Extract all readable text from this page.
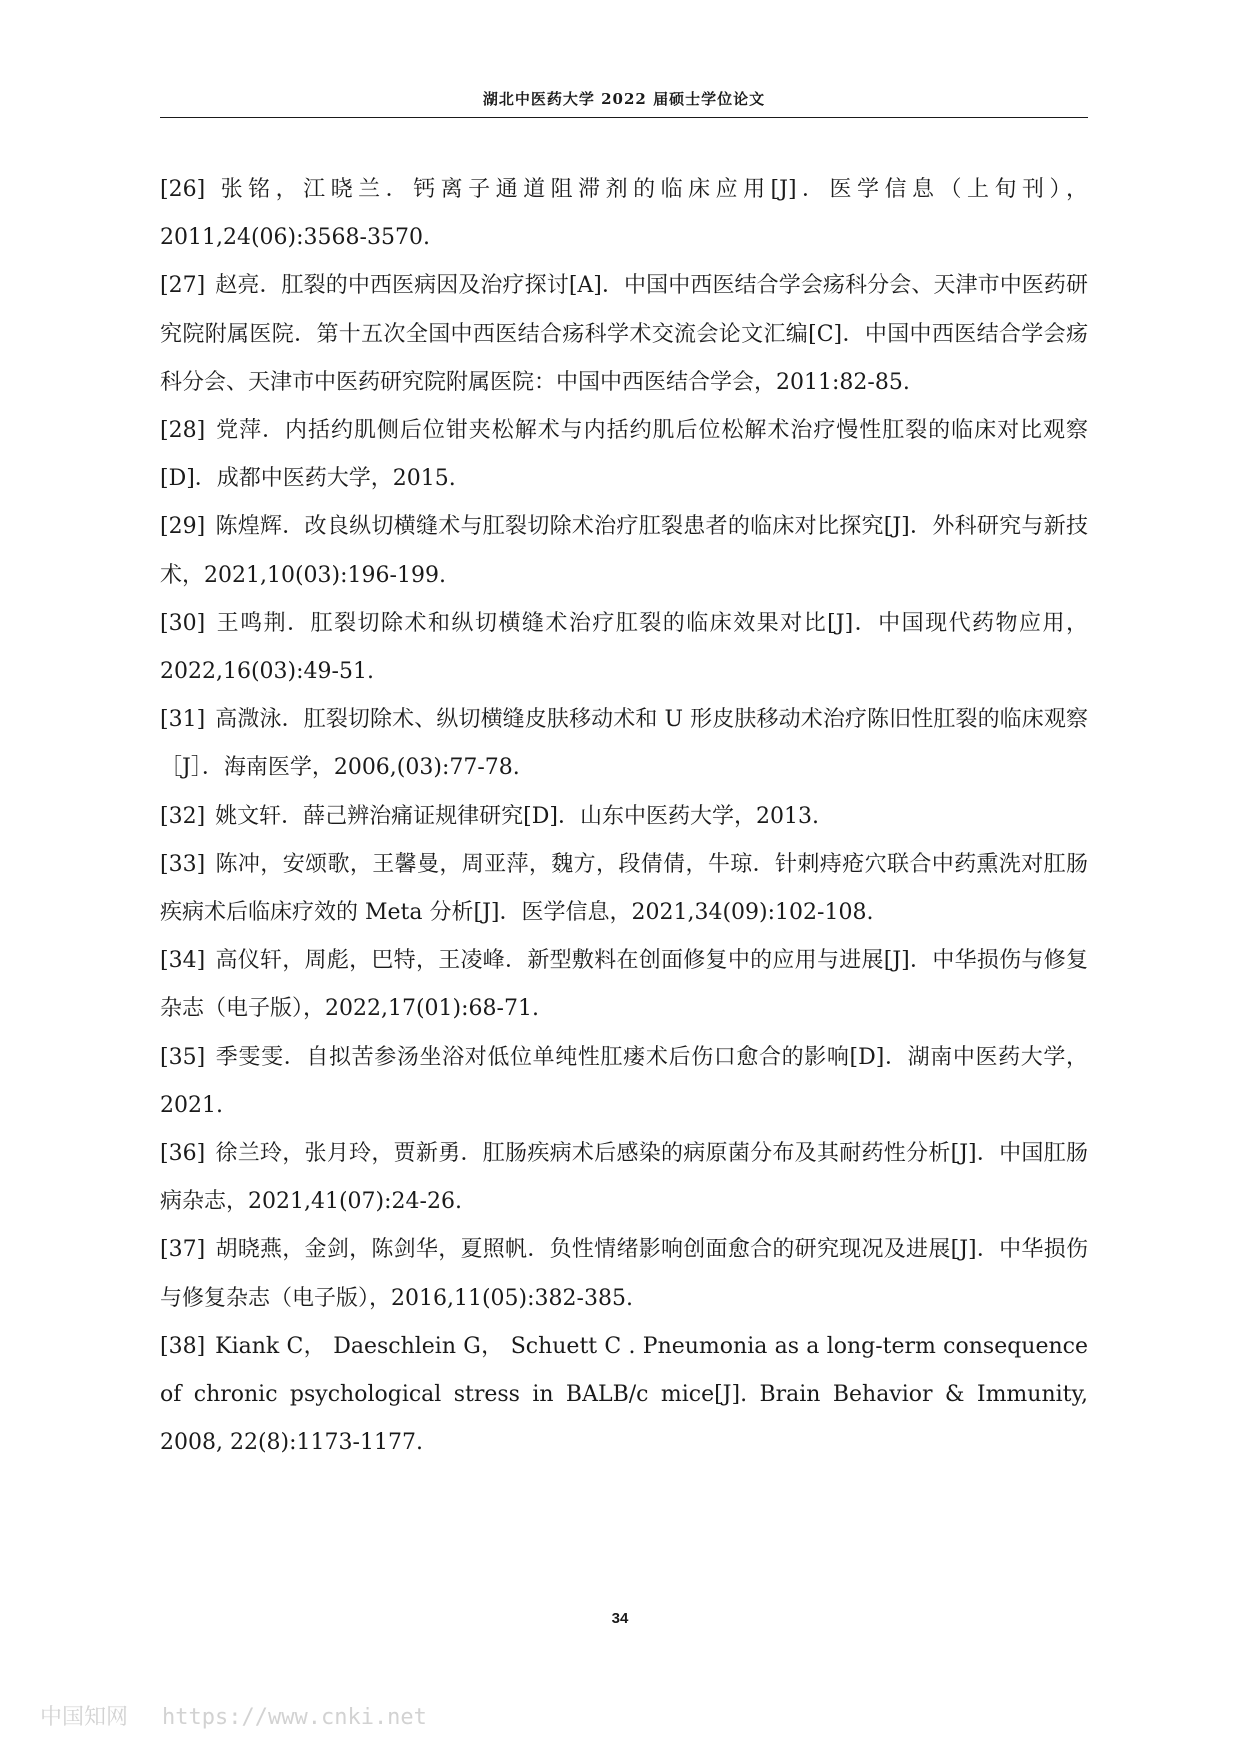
湖北中医药大学 2022 届硕士学位论文
[26] 张铭，江晓兰．钙离子通道阻滞剂的临床应用[J]．医学信息（上旬刊），2011,24(06):3568-3570.
[27] 赵亮．肛裂的中西医病因及治疗探讨[A]．中国中西医结合学会疡科分会、天津市中医药研究院附属医院．第十五次全国中西医结合疡科学术交流会论文汇编[C]．中国中西医结合学会疡科分会、天津市中医药研究院附属医院：中国中西医结合学会，2011:82-85.
[28] 党萍．内括约肌侧后位钳夹松解术与内括约肌后位松解术治疗慢性肛裂的临床对比观察[D]．成都中医药大学，2015.
[29] 陈煌辉．改良纵切横缝术与肛裂切除术治疗肛裂患者的临床对比探究[J]．外科研究与新技术，2021,10(03):196-199.
[30] 王鸣荆．肛裂切除术和纵切横缝术治疗肛裂的临床效果对比[J]．中国现代药物应用，2022,16(03):49-51.
[31] 高溦泳．肛裂切除术、纵切横缝皮肤移动术和 U 形皮肤移动术治疗陈旧性肛裂的临床观察［J］．海南医学，2006,(03):77-78.
[32] 姚文轩．薛己辨治痛证规律研究[D]．山东中医药大学，2013.
[33] 陈冲，安颂歌，王馨曼，周亚萍，魏方，段倩倩，牛琼．针刺痔疮穴联合中药熏洗对肛肠疾病术后临床疗效的 Meta 分析[J]．医学信息，2021,34(09):102-108.
[34] 高仪轩，周彪，巴特，王凌峰．新型敷料在创面修复中的应用与进展[J]．中华损伤与修复杂志（电子版），2022,17(01):68-71.
[35] 季雯雯．自拟苦参汤坐浴对低位单纯性肛瘘术后伤口愈合的影响[D]．湖南中医药大学，2021.
[36] 徐兰玲，张月玲，贾新勇．肛肠疾病术后感染的病原菌分布及其耐药性分析[J]．中国肛肠病杂志，2021,41(07):24-26.
[37] 胡晓燕，金剑，陈剑华，夏照帆．负性情绪影响创面愈合的研究现况及进展[J]．中华损伤与修复杂志（电子版），2016,11(05):382-385.
[38] Kiank C， Daeschlein G， Schuett C . Pneumonia as a long-term consequence of chronic psychological stress in BALB/c mice[J]. Brain Behavior & Immunity, 2008, 22(8):1173-1177.
34
中国知网 https://www.cnki.net
